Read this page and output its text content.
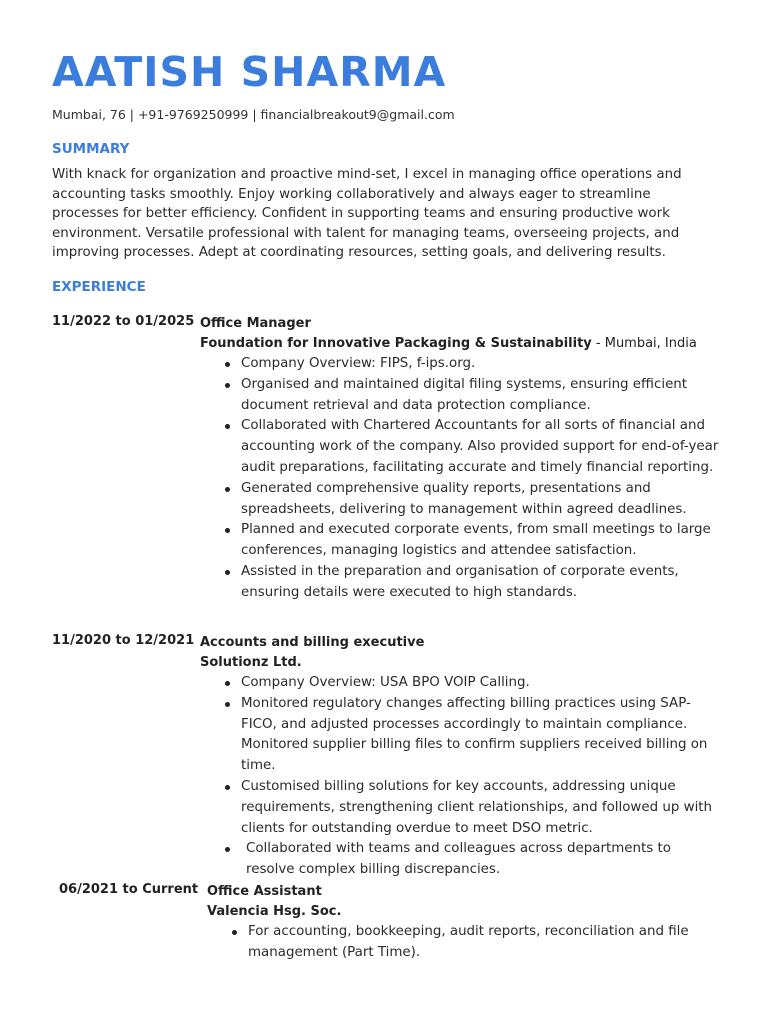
AATISH SHARMA
Mumbai, 76 | +91-9769250999 | financialbreakout9@gmail.com
SUMMARY
With knack for organization and proactive mind-set, I excel in managing office operations and accounting tasks smoothly. Enjoy working collaboratively and always eager to streamline processes for better efficiency. Confident in supporting teams and ensuring productive work environment. Versatile professional with talent for managing teams, overseeing projects, and improving processes. Adept at coordinating resources, setting goals, and delivering results.
EXPERIENCE
11/2022 to 01/2025 Office Manager
Foundation for Innovative Packaging & Sustainability - Mumbai, India
Company Overview: FIPS, f-ips.org.
Organised and maintained digital filing systems, ensuring efficient document retrieval and data protection compliance.
Collaborated with Chartered Accountants for all sorts of financial and accounting work of the company. Also provided support for end-of-year audit preparations, facilitating accurate and timely financial reporting.
Generated comprehensive quality reports, presentations and spreadsheets, delivering to management within agreed deadlines.
Planned and executed corporate events, from small meetings to large conferences, managing logistics and attendee satisfaction.
Assisted in the preparation and organisation of corporate events, ensuring details were executed to high standards.
11/2020 to 12/2021 Accounts and billing executive
Solutionz Ltd.
Company Overview: USA BPO VOIP Calling.
Monitored regulatory changes affecting billing practices using SAP-FICO, and adjusted processes accordingly to maintain compliance. Monitored supplier billing files to confirm suppliers received billing on time.
Customised billing solutions for key accounts, addressing unique requirements, strengthening client relationships, and followed up with clients for outstanding overdue to meet DSO metric.
Collaborated with teams and colleagues across departments to resolve complex billing discrepancies.
06/2021 to Current Office Assistant
Valencia Hsg. Soc.
For accounting, bookkeeping, audit reports, reconciliation and file management (Part Time).
